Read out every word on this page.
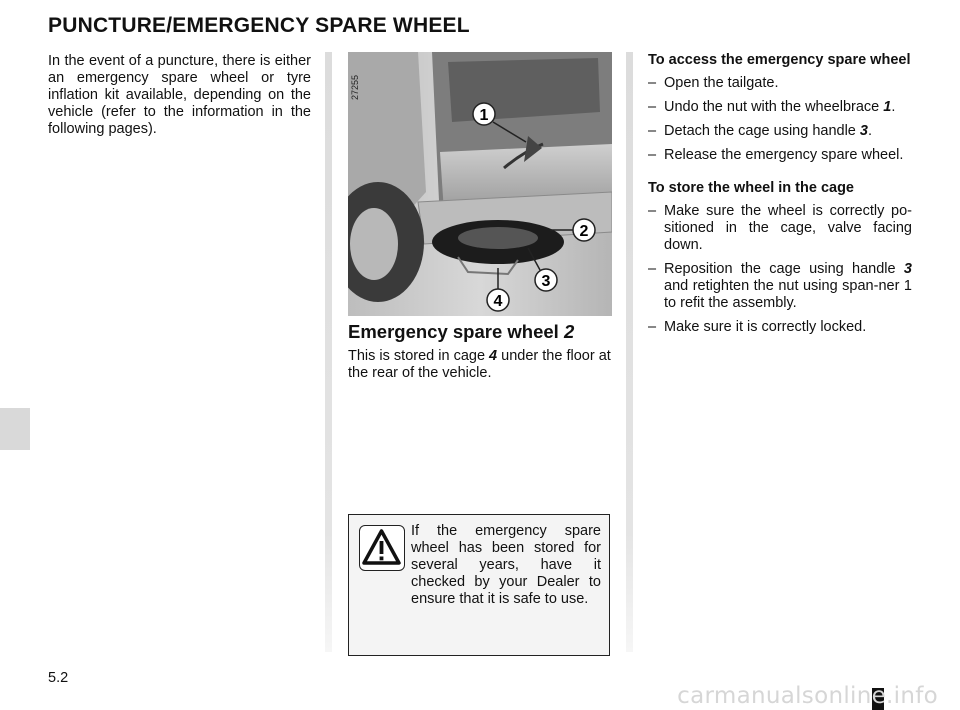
PUNCTURE/EMERGENCY SPARE WHEEL

In the event of a puncture, there is either an emergency spare wheel or tyre inflation kit available, depending on the vehicle (refer to the information in the following pages).

1
2
3
4
27255
Emergency spare wheel 2

This is stored in cage 4 under the floor at the rear of the vehicle.

If the emergency spare wheel has been stored for several years, have it checked by your Dealer to ensure that it is safe to use.

To access the emergency spare wheel
– Open the tailgate.
– Undo the nut with the wheelbrace 1.
– Detach the cage using handle 3.
– Release the emergency spare wheel.
To store the wheel in the cage
– Make sure the wheel is correctly po-sitioned in the cage, valve facing down.
– Reposition the cage using handle 3 and retighten the nut using span-ner 1 to refit the assembly.
– Make sure it is correctly locked.
5.2
carmanualsonline.info
